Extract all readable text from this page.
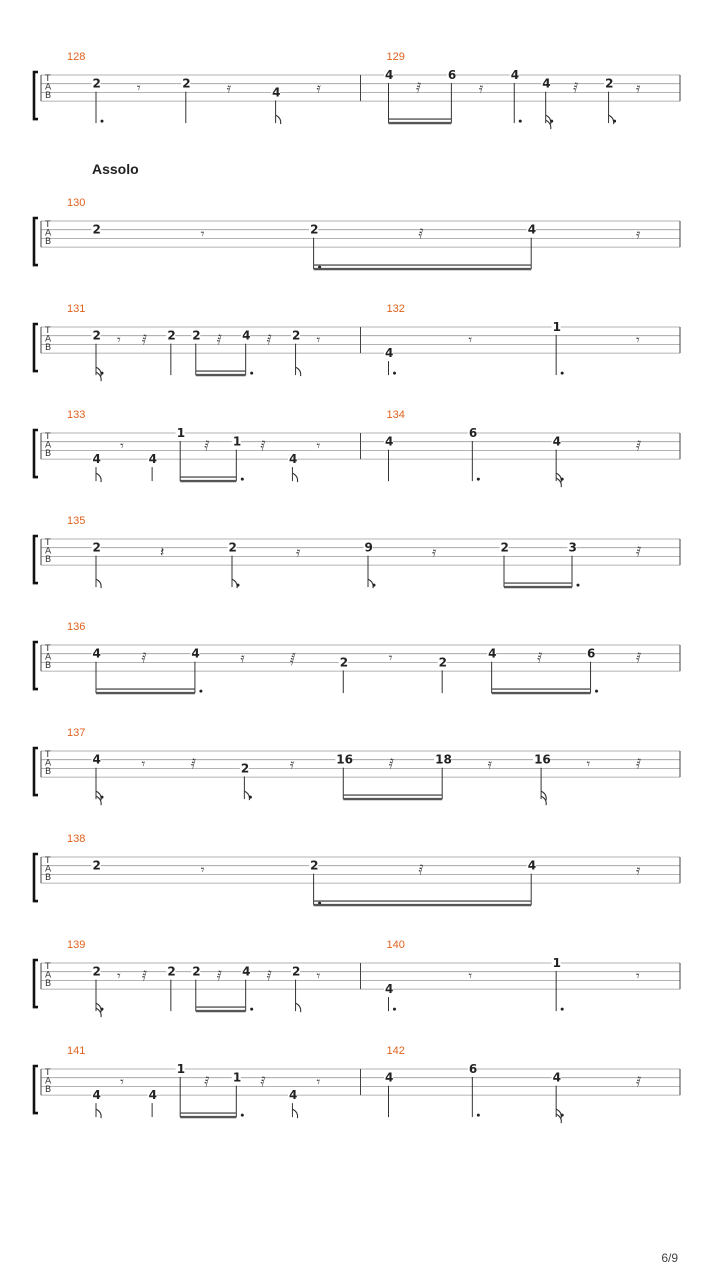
T
A
B
128
2	𝄾	2	𝄿	4	𝄿
129
4
𝅀
6
𝄿
4
4 𝅀 2 𝄿
T
A
B
Assolo
130
2	𝄾	2	𝅀	4	𝄿
T
A
B
131
2 𝄾 𝅀 2 2 𝅀 4 𝅀 2 𝄾
132
4
𝄾
1
𝄾
T
A
B
133
4
𝄾
4
1
𝅀 1 𝅀
4
𝄾
134
4
6
4	𝅀
T
A
B
135
2	𝄽	2	𝄿	9	𝄿	2	3	𝅀
T
A
B
136
4	𝅀	4	𝄿	𝅁	2	𝄾	2
4	𝅀	6	𝅀
T
A
B
137
4	𝄾	𝅀	2	𝄿	16	𝅀	18	𝄿	16	𝄾	𝅀
T
A
B
138
2	𝄾	2	𝅀	4	𝄿
T
A
B
139
2 𝄾 𝅀 2 2 𝅀 4 𝅀 2 𝄾
140
4
𝄾
1
𝄾
T
A
B
141
4
𝄾
4
1
𝅀 1 𝅀
4
𝄾
142
4
6
4	𝅀
6/9
